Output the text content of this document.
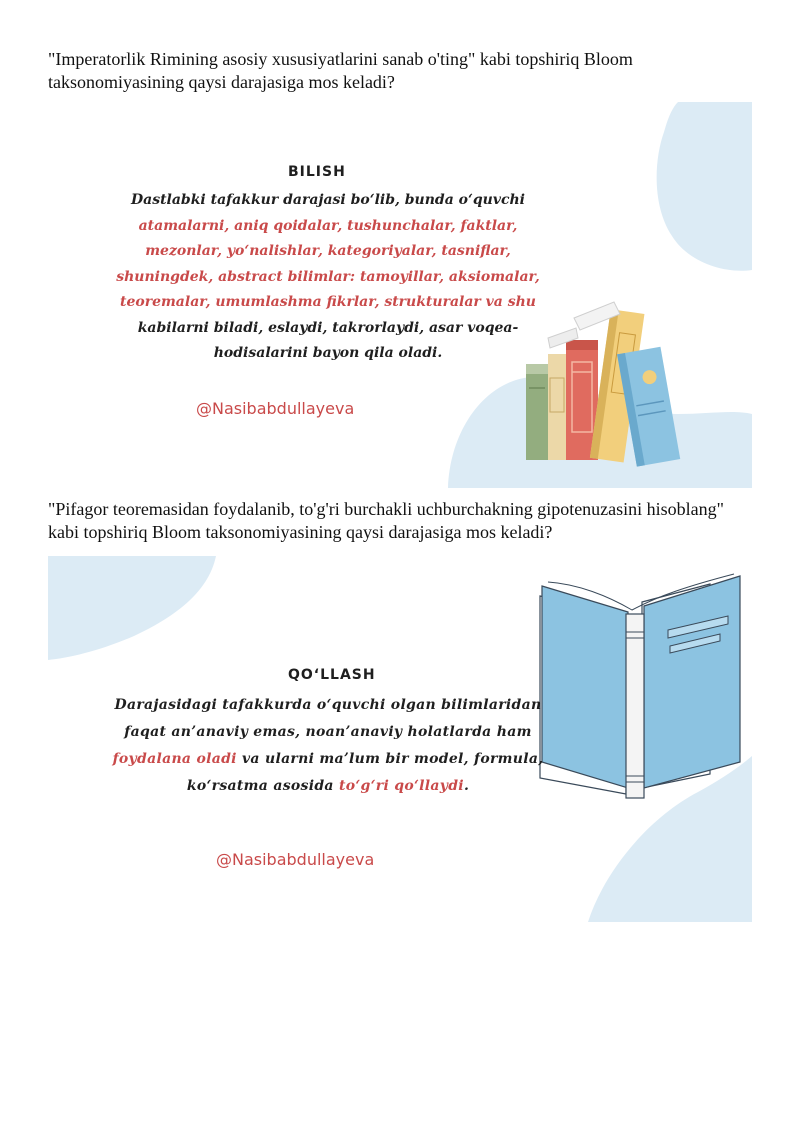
"Imperatorlik Rimining asosiy xususiyatlarini sanab o'ting" kabi topshiriq Bloom taksonomiyasining qaysi darajasiga mos keladi?
BILISH
Dastlabki tafakkur darajasi bo‘lib, bunda o‘quvchi
atamalarni, aniq qoidalar, tushunchalar, faktlar,
mezonlar, yo‘nalishlar, kategoriyalar, tasniflar,
shuningdek, abstract bilimlar: tamoyillar, aksiomalar,
teoremalar, umumlashma fikrlar, strukturalar va shu
kabilarni biladi, eslaydi, takrorlaydi, asar voqea-
hodisalarini bayon qila oladi.
@Nasibabdullayeva
"Pifagor teoremasidan foydalanib, to'g'ri burchakli uchburchakning gipotenuzasini hisoblang" kabi topshiriq Bloom taksonomiyasining qaysi darajasiga mos keladi?
QO‘LLASH
Darajasidagi tafakkurda o‘quvchi olgan bilimlaridan
faqat an’anaviy emas, noan’anaviy holatlarda ham
foydalana oladi va ularni ma’lum bir model, formula,
ko‘rsatma asosida to‘g‘ri qo‘llaydi.
@Nasibabdullayeva
